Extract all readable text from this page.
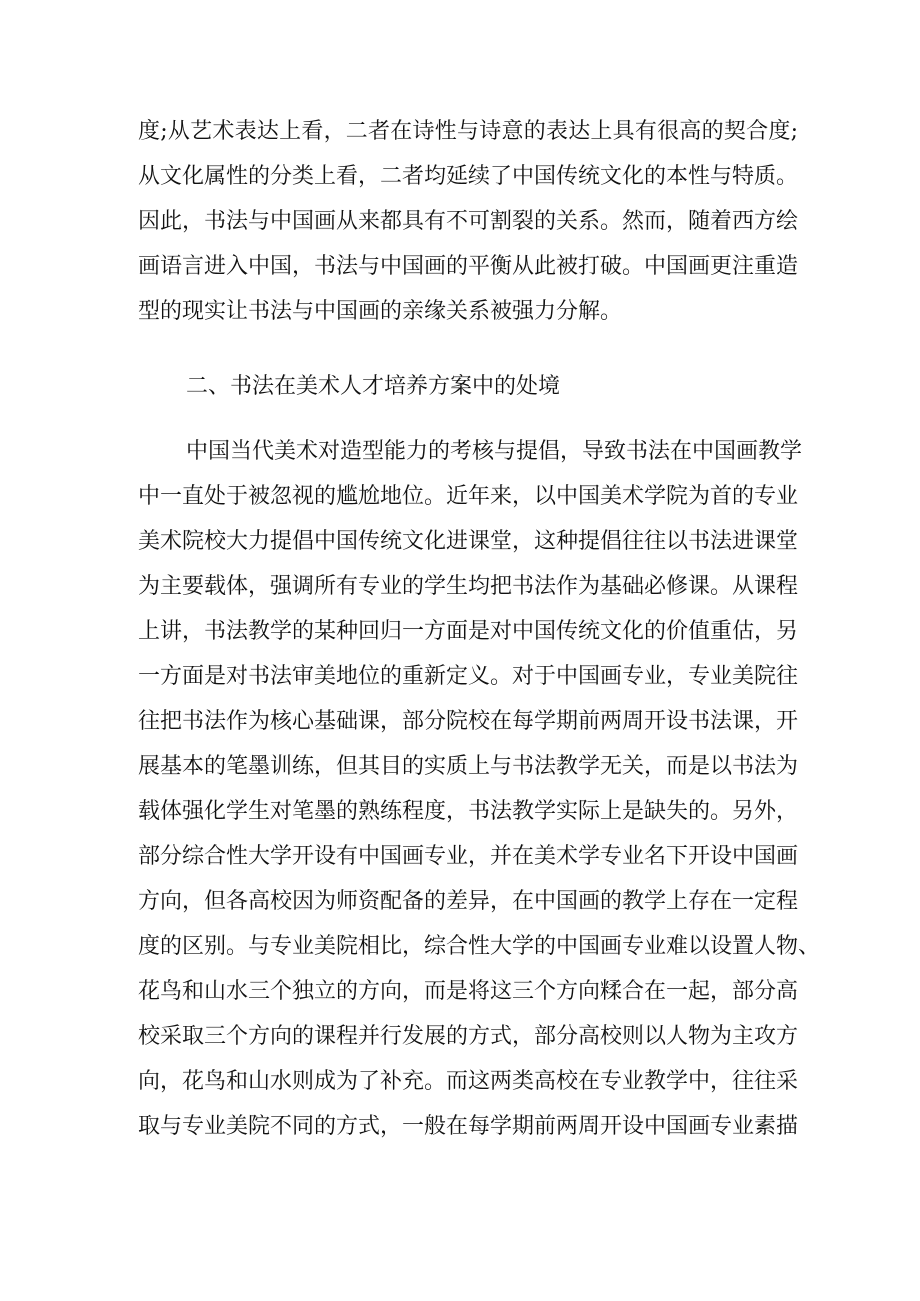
度;从艺术表达上看，二者在诗性与诗意的表达上具有很高的契合度;
从文化属性的分类上看，二者均延续了中国传统文化的本性与特质。
因此，书法与中国画从来都具有不可割裂的关系。然而，随着西方绘
画语言进入中国，书法与中国画的平衡从此被打破。中国画更注重造
型的现实让书法与中国画的亲缘关系被强力分解。
二、书法在美术人才培养方案中的处境
中国当代美术对造型能力的考核与提倡，导致书法在中国画教学
中一直处于被忽视的尴尬地位。近年来，以中国美术学院为首的专业
美术院校大力提倡中国传统文化进课堂，这种提倡往往以书法进课堂
为主要载体，强调所有专业的学生均把书法作为基础必修课。从课程
上讲，书法教学的某种回归一方面是对中国传统文化的价值重估，另
一方面是对书法审美地位的重新定义。对于中国画专业，专业美院往
往把书法作为核心基础课，部分院校在每学期前两周开设书法课，开
展基本的笔墨训练，但其目的实质上与书法教学无关，而是以书法为
载体强化学生对笔墨的熟练程度，书法教学实际上是缺失的。另外，
部分综合性大学开设有中国画专业，并在美术学专业名下开设中国画
方向，但各高校因为师资配备的差异，在中国画的教学上存在一定程
度的区别。与专业美院相比，综合性大学的中国画专业难以设置人物、
花鸟和山水三个独立的方向，而是将这三个方向糅合在一起，部分高
校采取三个方向的课程并行发展的方式，部分高校则以人物为主攻方
向，花鸟和山水则成为了补充。而这两类高校在专业教学中，往往采
取与专业美院不同的方式，一般在每学期前两周开设中国画专业素描
